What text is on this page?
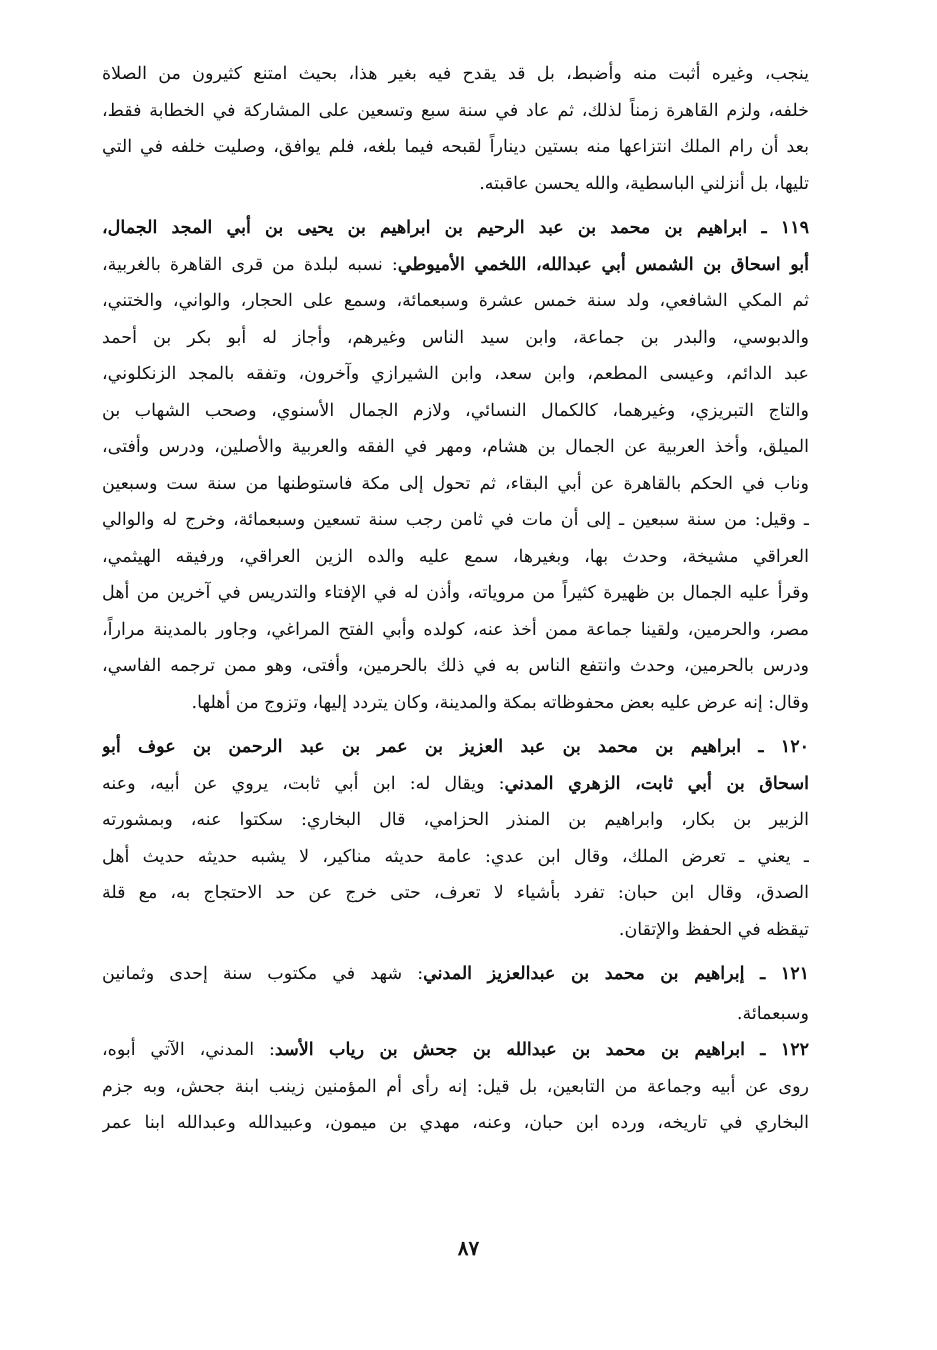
ينجب، وغيره أثبت منه وأضبط، بل قد يقدح فيه بغير هذا، بحيث امتنع كثيرون من الصلاة
خلفه، ولزم القاهرة زمناً لذلك، ثم عاد في سنة سبع وتسعين على المشاركة في الخطابة فقط،
بعد أن رام الملك انتزاعها منه بستين ديناراً لقبحه فيما بلغه، فلم يوافق، وصليت خلفه في التي
تليها، بل أنزلني الباسطية، والله يحسن عاقبته.
١١٩ ـ ابراهيم بن محمد بن عبد الرحيم بن ابراهيم بن يحيى بن أبي المجد الجمال،
أبو اسحاق بن الشمس أبي عبدالله، اللخمي الأميوطي: نسبه لبلدة من قرى القاهرة بالغربية،
ثم المكي الشافعي، ولد سنة خمس عشرة وسبعمائة، وسمع على الحجار، والواني، والختني،
والدبوسي، والبدر بن جماعة، وابن سيد الناس وغيرهم، وأجاز له أبو بكر بن أحمد
عبد الدائم، وعيسى المطعم، وابن سعد، وابن الشيرازي وآخرون، وتفقه بالمجد الزنكلوني،
والتاج التبريزي، وغيرهما، كالكمال النسائي، ولازم الجمال الأسنوي، وصحب الشهاب بن
الميلق، وأخذ العربية عن الجمال بن هشام، ومهر في الفقه والعربية والأصلين، ودرس وأفتى،
وناب في الحكم بالقاهرة عن أبي البقاء، ثم تحول إلى مكة فاستوطنها من سنة ست وسبعين
ـ وقيل: من سنة سبعين ـ إلى أن مات في ثامن رجب سنة تسعين وسبعمائة، وخرج له والوالي
العراقي مشيخة، وحدث بها، وبغيرها، سمع عليه والده الزين العراقي، ورفيقه الهيثمي،
وقرأ عليه الجمال بن ظهيرة كثيراً من مروياته، وأذن له في الإفتاء والتدريس في آخرين من أهل
مصر، والحرمين، ولقينا جماعة ممن أخذ عنه، كولده وأبي الفتح المراغي، وجاور بالمدينة مراراً،
ودرس بالحرمين، وحدث وانتفع الناس به في ذلك بالحرمين، وأفتى، وهو ممن ترجمه الفاسي،
وقال: إنه عرض عليه بعض محفوظاته بمكة والمدينة، وكان يتردد إليها، وتزوج من أهلها.
١٢٠ ـ ابراهيم بن محمد بن عبد العزيز بن عمر بن عبد الرحمن بن عوف أبو
اسحاق بن أبي ثابت، الزهري المدني: ويقال له: ابن أبي ثابت، يروي عن أبيه، وعنه
الزبير بن بكار، وابراهيم بن المنذر الحزامي، قال البخاري: سكتوا عنه، وبمشورته
ـ يعني ـ تعرض الملك، وقال ابن عدي: عامة حديثه مناكير، لا يشبه حديثه حديث أهل
الصدق، وقال ابن حبان: تفرد بأشياء لا تعرف، حتى خرج عن حد الاحتجاج به، مع قلة
تيقظه في الحفظ والإتقان.
١٢١ ـ إبراهيم بن محمد بن عبدالعزيز المدني: شهد في مكتوب سنة إحدى وثمانين
وسبعمائة.
١٢٢ ـ ابراهيم بن محمد بن عبدالله بن جحش بن رياب الأسد: المدني، الآتي أبوه،
روى عن أبيه وجماعة من التابعين، بل قيل: إنه رأى أم المؤمنين زينب ابنة جحش، وبه جزم
البخاري في تاريخه، ورده ابن حبان، وعنه، مهدي بن ميمون، وعبيدالله وعبدالله ابنا عمر
٨٧
